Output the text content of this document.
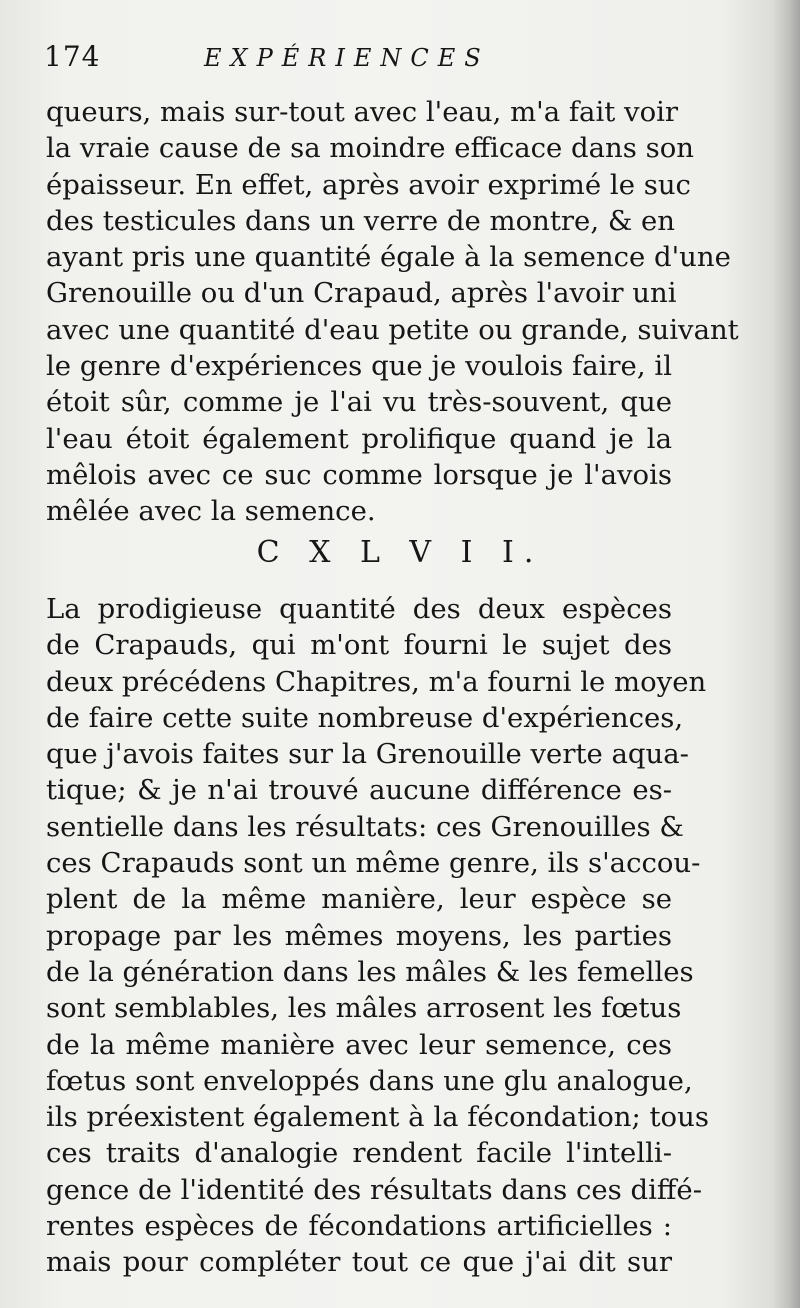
174	EXPÉRIENCES
queurs, mais sur-tout avec l'eau, m'a fait voir
la vraie cause de sa moindre efficace dans son
épaisseur. En effet, après avoir exprimé le suc
des testicules dans un verre de montre, & en
ayant pris une quantité égale à la semence d'une
Grenouille ou d'un Crapaud, après l'avoir uni
avec une quantité d'eau petite ou grande, suivant
le genre d'expériences que je voulois faire, il
étoit sûr, comme je l'ai vu très-souvent, que
l'eau étoit également prolifique quand je la
mêlois avec ce suc comme lorsque je l'avois
mêlée avec la semence.
C X L V I I.
La prodigieuse quantité des deux espèces
de Crapauds, qui m'ont fourni le sujet des
deux précédens Chapitres, m'a fourni le moyen
de faire cette suite nombreuse d'expériences,
que j'avois faites sur la Grenouille verte aqua-
tique; & je n'ai trouvé aucune différence es-
sentielle dans les résultats: ces Grenouilles &
ces Crapauds sont un même genre, ils s'accou-
plent de la même manière, leur espèce se
propage par les mêmes moyens, les parties
de la génération dans les mâles & les femelles
sont semblables, les mâles arrosent les fœtus
de la même manière avec leur semence, ces
fœtus sont enveloppés dans une glu analogue,
ils préexistent également à la fécondation; tous
ces traits d'analogie rendent facile l'intelli-
gence de l'identité des résultats dans ces diffé-
rentes espèces de fécondations artificielles :
mais pour compléter tout ce que j'ai dit sur
